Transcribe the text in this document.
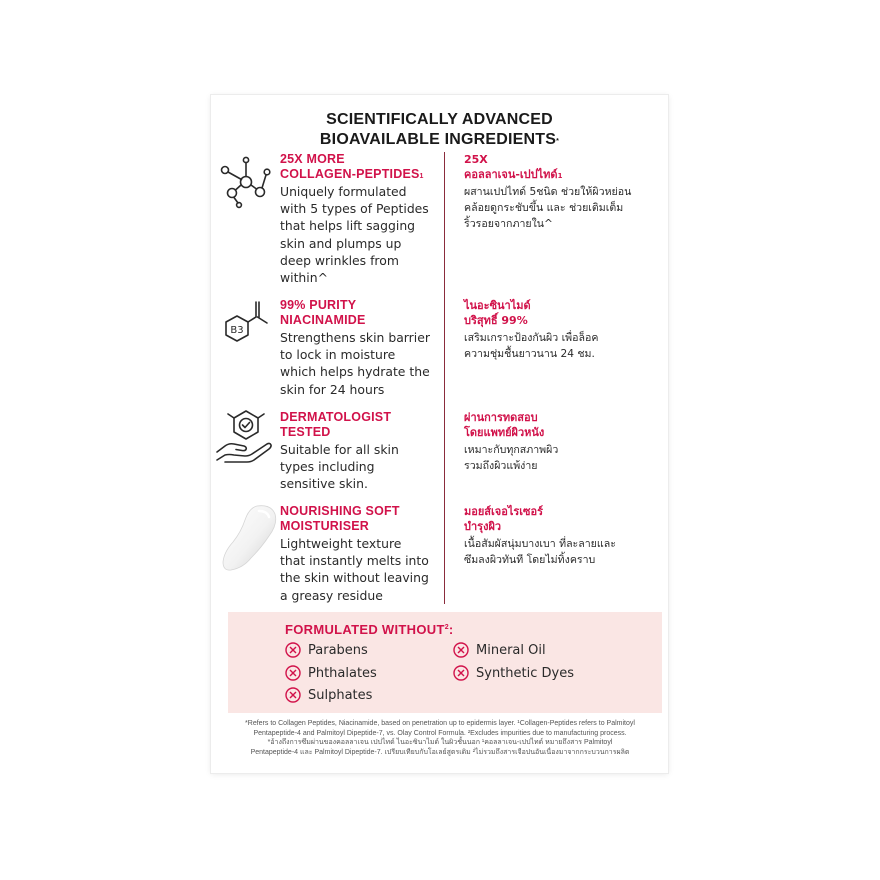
SCIENTIFICALLY ADVANCED
BIOAVAILABLE INGREDIENTS*
25X MORE
COLLAGEN-PEPTIDES$^1$
Uniquely formulated
with 5 types of Peptides
that helps lift sagging
skin and plumps up
deep wrinkles from
within^
25X
คอลลาเจน-เปปไทด์$^1$
ผสานเปปไทด์ 5ชนิด ช่วยให้ผิวหย่อน
คล้อยดูกระชับขึ้น และ ช่วยเติมเต็ม
ริ้วรอยจากภายใน^
B3
99% PURITY
NIACINAMIDE
Strengthens skin barrier
to lock in moisture
which helps hydrate the
skin for 24 hours
ไนอะซินาไมด์
บริสุทธิ์ 99%
เสริมเกราะป้องกันผิว เพื่อล็อค
ความชุ่มชื้นยาวนาน 24 ชม.
DERMATOLOGIST
TESTED
Suitable for all skin
types including
sensitive skin.
ผ่านการทดสอบ
โดยแพทย์ผิวหนัง
เหมาะกับทุกสภาพผิว
รวมถึงผิวแพ้ง่าย
NOURISHING SOFT
MOISTURISER
Lightweight texture
that instantly melts into
the skin without leaving
a greasy residue
มอยส์เจอไรเซอร์
บำรุงผิว
เนื้อสัมผัสนุ่มบางเบา ที่ละลายและ
ซึมลงผิวทันที โดยไม่ทิ้งคราบ
FORMULATED WITHOUT$^2$:
Parabens
Phthalates
Sulphates
Mineral Oil
Synthetic Dyes

*Refers to Collagen Peptides, Niacinamide, based on penetration up to epidermis layer. ¹Collagen-Peptides refers to Palmitoyl

Pentapeptide-4 and Palmitoyl Dipeptide-7, vs. Olay Control Formula. ²Excludes impurities due to manufacturing process.

*อ้างถึงการซึมผ่านของคอลลาเจน เปปไทด์ ไนอะซินาไมด์ ในผิวชั้นนอก ¹คอลลาเจน-เปปไทด์ หมายถึงสาร Palmitoyl

Pentapeptide-4 และ Palmitoyl Dipeptide-7. เปรียบเทียบกับโอเลย์สูตรเดิม ²ไม่รวมถึงสารเจือปนอันเนื่องมาจากกระบวนการผลิต
